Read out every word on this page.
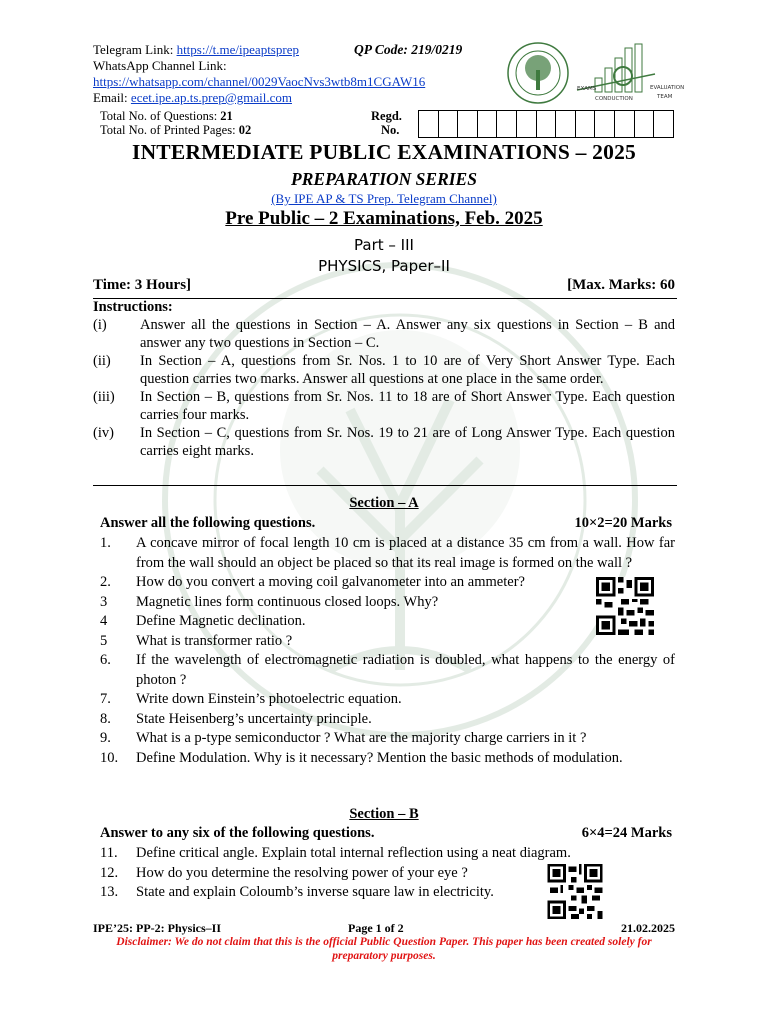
Telegram Link: https://t.me/ipeaptsprep
WhatsApp Channel Link:
https://whatsapp.com/channel/0029VaocNvs3wtb8m1CGAW16
Email: ecet.ipe.ap.ts.prep@gmail.com
QP Code: 219/0219
EXAMS	EVALUATION
CONDUCTION	TEAM
Total No. of Questions: 21
Total No. of Printed Pages: 02
Regd.
No.
INTERMEDIATE PUBLIC EXAMINATIONS – 2025
PREPARATION SERIES
(By IPE AP & TS Prep. Telegram Channel)
Pre Public – 2 Examinations, Feb. 2025
Part – III
PHYSICS, Paper–II
Time: 3 Hours]	[Max. Marks: 60
Instructions:
(i)	Answer all the questions in Section – A. Answer any six questions in Section – B and answer any two questions in Section – C.
(ii)	In Section – A, questions from Sr. Nos. 1 to 10 are of Very Short Answer Type. Each question carries two marks. Answer all questions at one place in the same order.
(iii)	In Section – B, questions from Sr. Nos. 11 to 18 are of Short Answer Type. Each question carries four marks.
(iv)	In Section – C, questions from Sr. Nos. 19 to 21 are of Long Answer Type. Each question carries eight marks.
Section – A
Answer all the following questions.	10×2=20 Marks
1.	A concave mirror of focal length 10 cm is placed at a distance 35 cm from a wall. How far from the wall should an object be placed so that its real image is formed on the wall ?
2.	How do you convert a moving coil galvanometer into an ammeter?
3	Magnetic lines form continuous closed loops. Why?
4	Define Magnetic declination.
5	What is transformer ratio ?
6.	If the wavelength of electromagnetic radiation is doubled, what happens to the energy of photon ?
7.	Write down Einstein’s photoelectric equation.
8.	State Heisenberg’s uncertainty principle.
9.	What is a p-type semiconductor ? What are the majority charge carriers in it ?
10.	Define Modulation. Why is it necessary? Mention the basic methods of modulation.
Section – B
Answer to any six of the following questions.	6×4=24 Marks
11.	Define critical angle. Explain total internal reflection using a neat diagram.
12.	How do you determine the resolving power of your eye ?
13.	State and explain Coloumb’s inverse square law in electricity.
IPE’25: PP-2: Physics–II	Page 1 of 2	21.02.2025
Disclaimer: We do not claim that this is the official Public Question Paper. This paper has been created solely for preparatory purposes.
